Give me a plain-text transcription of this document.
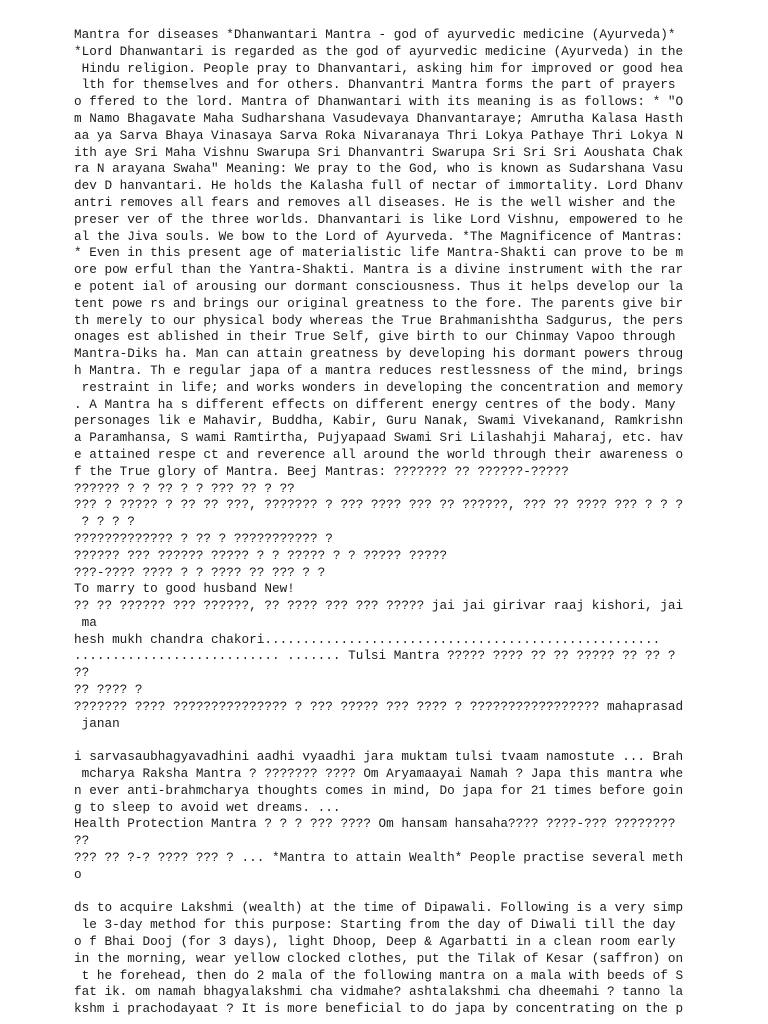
Mantra for diseases *Dhanwantari Mantra - god of ayurvedic medicine (Ayurveda)*
*Lord Dhanwantari is regarded as the god of ayurvedic medicine (Ayurveda) in the
Hindu religion. People pray to Dhanvantari, asking him for improved or good hea
lth for themselves and for others. Dhanvantri Mantra forms the part of prayers
o ffered to the lord. Mantra of Dhanwantari with its meaning is as follows: * "O
m Namo Bhagavate Maha Sudharshana Vasudevaya Dhanvantaraye; Amrutha Kalasa Hasth
aa ya Sarva Bhaya Vinasaya Sarva Roka Nivaranaya Thri Lokya Pathaye Thri Lokya N
ith aye Sri Maha Vishnu Swarupa Sri Dhanvantri Swarupa Sri Sri Sri Aoushata Chak
ra N arayana Swaha" Meaning: We pray to the God, who is known as Sudarshana Vasu
dev D hanvantari. He holds the Kalasha full of nectar of immortality. Lord Dhanv
antri removes all fears and removes all diseases. He is the well wisher and the
preser ver of the three worlds. Dhanvantari is like Lord Vishnu, empowered to he
al the Jiva souls. We bow to the Lord of Ayurveda. *The Magnificence of Mantras:
* Even in this present age of materialistic life Mantra-Shakti can prove to be m
ore pow erful than the Yantra-Shakti. Mantra is a divine instrument with the rar
e potent ial of arousing our dormant consciousness. Thus it helps develop our la
tent powe rs and brings our original greatness to the fore. The parents give bir
th merely to our physical body whereas the True Brahmanishtha Sadgurus, the pers
onages est ablished in their True Self, give birth to our Chinmay Vapoo through
Mantra-Diks ha. Man can attain greatness by developing his dormant powers throug
h Mantra. Th e regular japa of a mantra reduces restlessness of the mind, brings
restraint in life; and works wonders in developing the concentration and memory
. A Mantra ha s different effects on different energy centres of the body. Many
personages lik e Mahavir, Buddha, Kabir, Guru Nanak, Swami Vivekanand, Ramkrishn
a Paramhansa, S wami Ramtirtha, Pujyapaad Swami Sri Lilashahji Maharaj, etc. hav
e attained respe ct and reverence all around the world through their awareness o
f the True glory of Mantra. Beej Mantras: ??????? ?? ??????-?????
?????? ? ? ?? ? ? ??? ?? ? ??
??? ? ????? ? ?? ?? ???, ??????? ? ??? ???? ??? ?? ??????, ??? ?? ???? ??? ? ? ?
? ? ? ?
????????????? ? ?? ? ??????????? ?
?????? ??? ?????? ????? ? ? ????? ? ? ????? ?????
???-???? ???? ? ? ???? ?? ??? ? ?
To marry to good husband New!
?? ?? ?????? ??? ??????, ?? ???? ??? ??? ????? jai jai girivar raaj kishori, jai
ma
hesh mukh chandra chakori....................................................
........................... ....... Tulsi Mantra ????? ???? ?? ?? ????? ?? ?? ?
??
?? ???? ?
??????? ???? ??????????????? ? ??? ????? ??? ???? ? ????????????????? mahaprasad
janan
i sarvasaubhagyavadhini aadhi vyaadhi jara muktam tulsi tvaam namostute ... Brah
mcharya Raksha Mantra ? ??????? ???? Om Aryamaayai Namah ? Japa this mantra whe
n ever anti-brahmcharya thoughts comes in mind, Do japa for 21 times before goin
g to sleep to avoid wet dreams. ...
Health Protection Mantra ? ? ? ??? ???? Om hansam hansaha???? ????-??? ????????
??
??? ?? ?-? ???? ??? ? ... *Mantra to attain Wealth* People practise several meth
o
ds to acquire Lakshmi (wealth) at the time of Dipawali. Following is a very simp
le 3-day method for this purpose: Starting from the day of Diwali till the day
o f Bhai Dooj (for 3 days), light Dhoop, Deep & Agarbatti in a clean room early
in the morning, wear yellow clocked clothes, put the Tilak of Kesar (saffron) on
t he forehead, then do 2 mala of the following mantra on a mala with beeds of S
fat ik. om namah bhagyalakshmi cha vidmahe? ashtalakshmi cha dheemahi ? tanno la
kshm i prachodayaat ? It is more beneficial to do japa by concentrating on the p
